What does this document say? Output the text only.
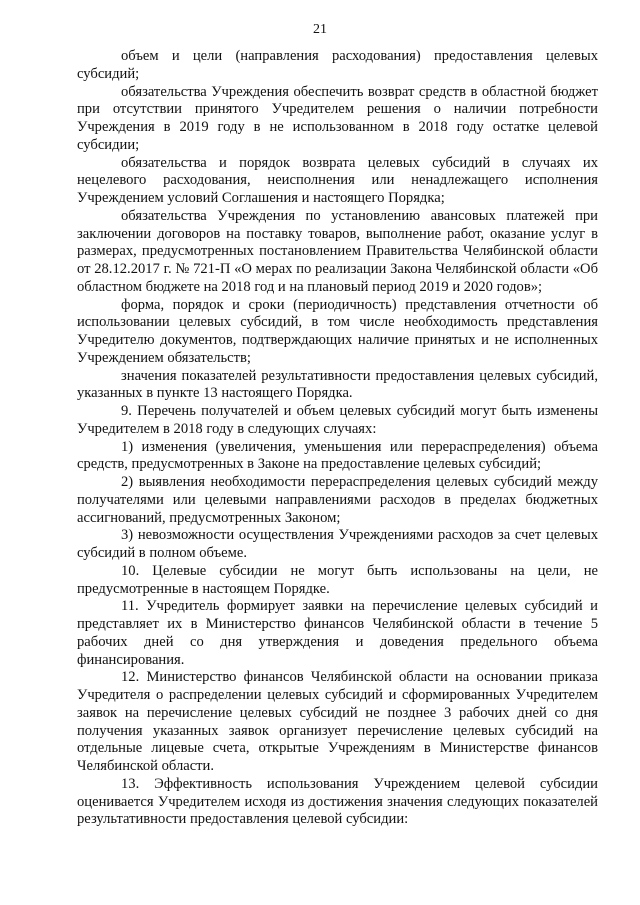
21

объем и цели (направления расходования) предоставления целевых субсидий;

обязательства Учреждения обеспечить возврат средств в областной бюджет при отсутствии принятого Учредителем решения о наличии потребности Учреждения в 2019 году в не использованном в 2018 году остатке целевой субсидии;

обязательства и порядок возврата целевых субсидий в случаях их нецелевого расходования, неисполнения или ненадлежащего исполнения Учреждением условий Соглашения и настоящего Порядка;

обязательства Учреждения по установлению авансовых платежей при заключении договоров на поставку товаров, выполнение работ, оказание услуг в размерах, предусмотренных постановлением Правительства Челябинской области от 28.12.2017 г. № 721-П «О мерах по реализации Закона Челябинской области «Об областном бюджете на 2018 год и на плановый период 2019 и 2020 годов»;

форма, порядок и сроки (периодичность) представления отчетности об использовании целевых субсидий, в том числе необходимость представления Учредителю документов, подтверждающих наличие принятых и не исполненных Учреждением обязательств;

значения показателей результативности предоставления целевых субсидий, указанных в пункте 13 настоящего Порядка.

9. Перечень получателей и объем целевых субсидий могут быть изменены Учредителем в 2018 году в следующих случаях:

1) изменения (увеличения, уменьшения или перераспределения) объема средств, предусмотренных в Законе на предоставление целевых субсидий;

2) выявления необходимости перераспределения целевых субсидий между получателями или целевыми направлениями расходов в пределах бюджетных ассигнований, предусмотренных Законом;

3) невозможности осуществления Учреждениями расходов за счет целевых субсидий в полном объеме.

10. Целевые субсидии не могут быть использованы на цели, не предусмотренные в настоящем Порядке.

11. Учредитель формирует заявки на перечисление целевых субсидий и представляет их в Министерство финансов Челябинской области в течение 5 рабочих дней со дня утверждения и доведения предельного объема финансирования.

12. Министерство финансов Челябинской области на основании приказа Учредителя о распределении целевых субсидий и сформированных Учредителем заявок на перечисление целевых субсидий не позднее 3 рабочих дней со дня получения указанных заявок организует перечисление целевых субсидий на отдельные лицевые счета, открытые Учреждениям в Министерстве финансов Челябинской области.

13. Эффективность использования Учреждением целевой субсидии оценивается Учредителем исходя из достижения значения следующих показателей результативности предоставления целевой субсидии:
